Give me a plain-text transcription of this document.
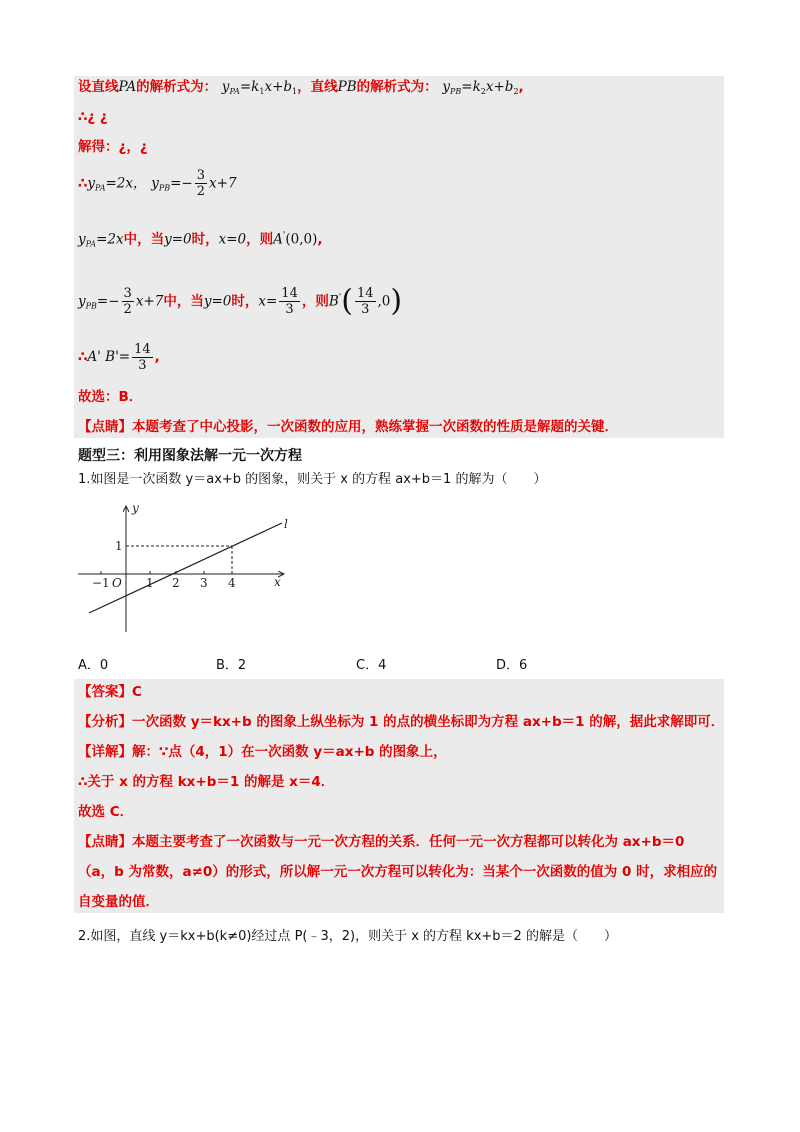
设直线PA的解析式为： $y_{PA}=k_1x+b_1$，直线PB的解析式为： $y_{PB}=k_2x+b_2$,
∴¿ ¿
解得：¿，¿
$\therefore y_{PA}=2x$， $y_{PB}=- \frac{3}{2} x+7$
$y_{PA}=2x$中，当y=0时，x=0，则A'(0,0),
$y_{PB}=- \frac{3}{2} x+7$中，当y=0时，$x= \frac{14}{3}$ ，则$B'( \frac{14}{3} ,0)$
∴A' $B'= \frac{14}{3}$ ,
故选：B．
【点睛】本题考查了中心投影，一次函数的应用，熟练掌握一次函数的性质是解题的关键．
题型三：利用图象法解一元一次方程
1.如图是一次函数 y＝ax+b 的图象，则关于 x 的方程 ax+b＝1 的解为（　　）
y
x
l
O
−1	1 2 3 4
1
A．0	B．2	C．4	D．6
【答案】C
【分析】一次函数 y＝kx+b 的图象上纵坐标为 1 的点的横坐标即为方程 ax+b＝1 的解，据此求解即可．
【详解】解：∵点（4，1）在一次函数 y＝ax+b 的图象上，
∴关于 x 的方程 kx+b＝1 的解是 x＝4．
故选 C．
【点睛】本题主要考查了一次函数与一元一次方程的关系．任何一元一次方程都可以转化为 ax+b＝0
（a，b 为常数，a≠0）的形式，所以解一元一次方程可以转化为：当某个一次函数的值为 0 时，求相应的
自变量的值．
2.如图，直线 y＝kx+b(k≠0)经过点 P(﹣3，2)，则关于 x 的方程 kx+b＝2 的解是（　　）
